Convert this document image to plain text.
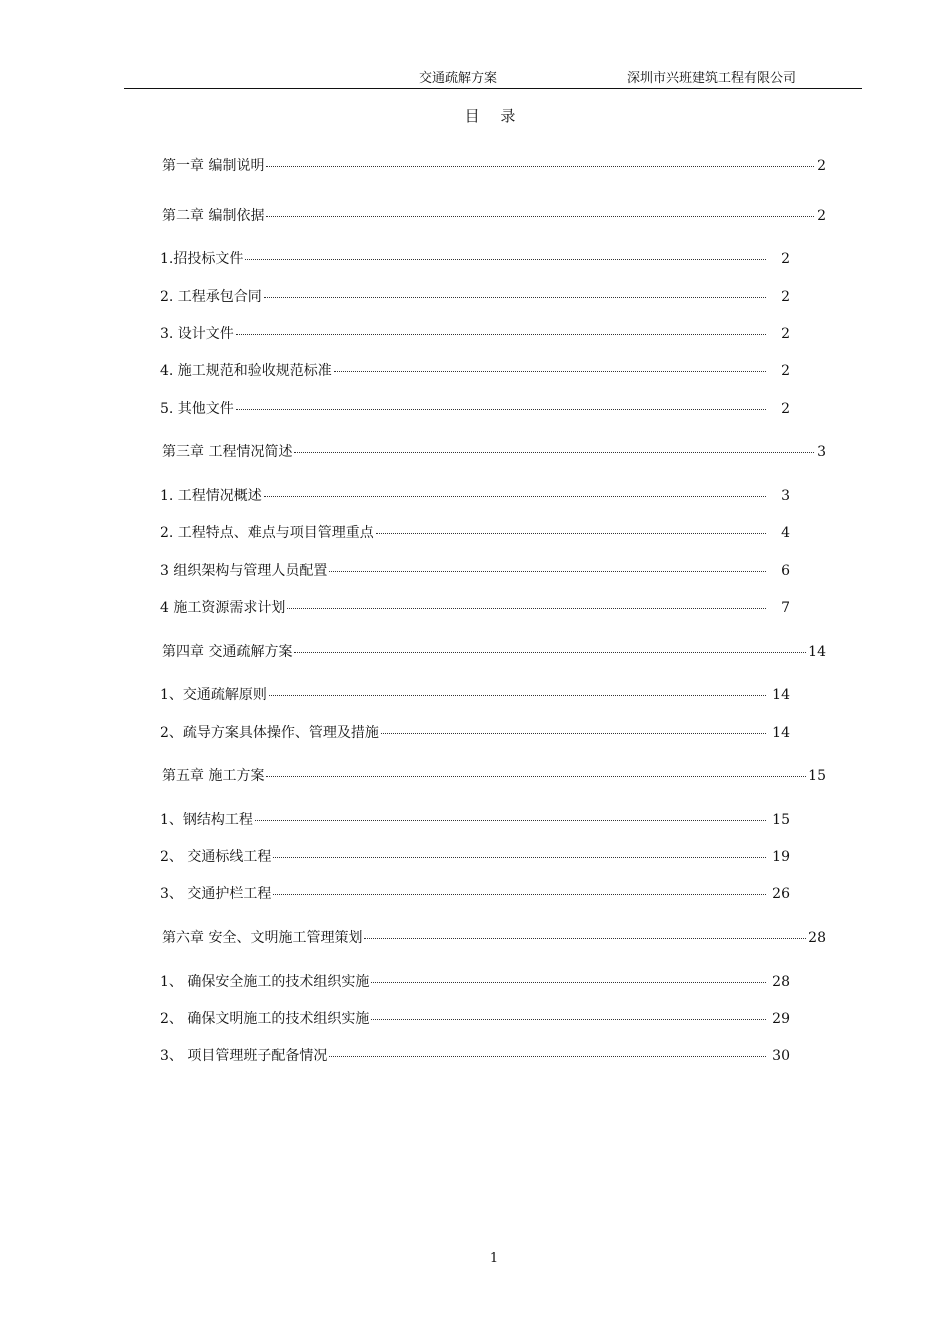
交通疏解方案	深圳市兴班建筑工程有限公司
目 录
第一章 编制说明	2
第二章 编制依据	2
1.招投标文件	2
2. 工程承包合同	2
3. 设计文件	2
4. 施工规范和验收规范标准	2
5. 其他文件	2
第三章 工程情况简述	3
1. 工程情况概述	3
2. 工程特点、难点与项目管理重点	4
3 组织架构与管理人员配置	6
4 施工资源需求计划	7
第四章 交通疏解方案	14
1、交通疏解原则	14
2、疏导方案具体操作、管理及措施	14
第五章 施工方案	15
1、钢结构工程	15
2、 交通标线工程	19
3、 交通护栏工程	26
第六章 安全、文明施工管理策划	28
1、 确保安全施工的技术组织实施	28
2、 确保文明施工的技术组织实施	29
3、 项目管理班子配备情况	30
1
